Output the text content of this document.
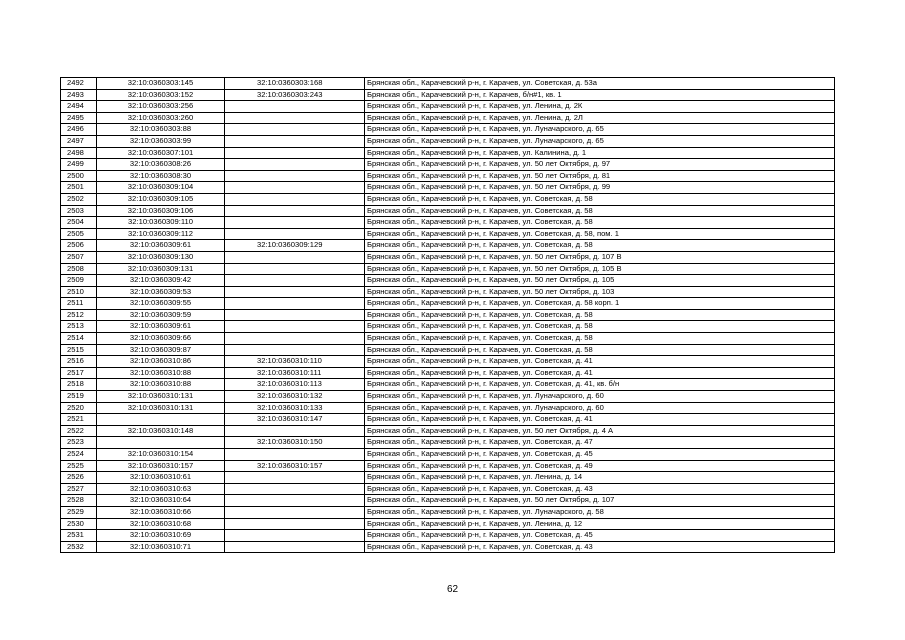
2492	32:10:0360303:145	32:10:0360303:168	Брянская обл., Карачевский р-н, г. Карачев, ул. Советская, д. 53а
2493	32:10:0360303:152	32:10:0360303:243	Брянская обл., Карачевский р-н, г. Карачев, б/н#1, кв. 1
2494	32:10:0360303:256		Брянская обл., Карачевский р-н, г. Карачев, ул. Ленина, д. 2К
2495	32:10:0360303:260		Брянская обл., Карачевский р-н, г. Карачев, ул. Ленина, д. 2Л
2496	32:10:0360303:88		Брянская обл., Карачевский р-н, г. Карачев, ул. Луначарского, д. 65
2497	32:10:0360303:99		Брянская обл., Карачевский р-н, г. Карачев, ул. Луначарского, д. 65
2498	32:10:0360307:101		Брянская обл., Карачевский р-н, г. Карачев, ул. Калинина, д. 1
2499	32:10:0360308:26		Брянская обл., Карачевский р-н, г. Карачев, ул. 50 лет Октября, д. 97
2500	32:10:0360308:30		Брянская обл., Карачевский р-н, г. Карачев, ул. 50 лет Октября, д. 81
2501	32:10:0360309:104		Брянская обл., Карачевский р-н, г. Карачев, ул. 50 лет Октября, д. 99
2502	32:10:0360309:105		Брянская обл., Карачевский р-н, г. Карачев, ул. Советская, д. 58
2503	32:10:0360309:106		Брянская обл., Карачевский р-н, г. Карачев, ул. Советская, д. 58
2504	32:10:0360309:110		Брянская обл., Карачевский р-н, г. Карачев, ул. Советская, д. 58
2505	32:10:0360309:112		Брянская обл., Карачевский р-н, г. Карачев, ул. Советская, д. 58, пом. 1
2506	32:10:0360309:61	32:10:0360309:129	Брянская обл., Карачевский р-н, г. Карачев, ул. Советская, д. 58
2507	32:10:0360309:130		Брянская обл., Карачевский р-н, г. Карачев, ул. 50 лет Октября, д. 107 В
2508	32:10:0360309:131		Брянская обл., Карачевский р-н, г. Карачев, ул. 50 лет Октября, д. 105 В
2509	32:10:0360309:42		Брянская обл., Карачевский р-н, г. Карачев, ул. 50 лет Октября, д. 105
2510	32:10:0360309:53		Брянская обл., Карачевский р-н, г. Карачев, ул. 50 лет Октября, д. 103
2511	32:10:0360309:55		Брянская обл., Карачевский р-н, г. Карачев, ул. Советская, д. 58 корп. 1
2512	32:10:0360309:59		Брянская обл., Карачевский р-н, г. Карачев, ул. Советская, д. 58
2513	32:10:0360309:61		Брянская обл., Карачевский р-н, г. Карачев, ул. Советская, д. 58
2514	32:10:0360309:66		Брянская обл., Карачевский р-н, г. Карачев, ул. Советская, д. 58
2515	32:10:0360309:87		Брянская обл., Карачевский р-н, г. Карачев, ул. Советская, д. 58
2516	32:10:0360310:86	32:10:0360310:110	Брянская обл., Карачевский р-н, г. Карачев, ул. Советская, д. 41
2517	32:10:0360310:88	32:10:0360310:111	Брянская обл., Карачевский р-н, г. Карачев, ул. Советская, д. 41
2518	32:10:0360310:88	32:10:0360310:113	Брянская обл., Карачевский р-н, г. Карачев, ул. Советская, д. 41, кв. б/н
2519	32:10:0360310:131	32:10:0360310:132	Брянская обл., Карачевский р-н, г. Карачев, ул. Луначарского, д. 60
2520	32:10:0360310:131	32:10:0360310:133	Брянская обл., Карачевский р-н, г. Карачев, ул. Луначарского, д. 60
2521		32:10:0360310:147	Брянская обл., Карачевский р-н, г. Карачев, ул. Советская, д. 41
2522	32:10:0360310:148		Брянская обл., Карачевский р-н, г. Карачев, ул. 50 лет Октября, д. 4 А
2523		32:10:0360310:150	Брянская обл., Карачевский р-н, г. Карачев, ул. Советская, д. 47
2524	32:10:0360310:154		Брянская обл., Карачевский р-н, г. Карачев, ул. Советская, д. 45
2525	32:10:0360310:157	32:10:0360310:157	Брянская обл., Карачевский р-н, г. Карачев, ул. Советская, д. 49
2526	32:10:0360310:61		Брянская обл., Карачевский р-н, г. Карачев, ул. Ленина, д. 14
2527	32:10:0360310:63		Брянская обл., Карачевский р-н, г. Карачев, ул. Советская, д. 43
2528	32:10:0360310:64		Брянская обл., Карачевский р-н, г. Карачев, ул. 50 лет Октября, д. 107
2529	32:10:0360310:66		Брянская обл., Карачевский р-н, г. Карачев, ул. Луначарского, д. 58
2530	32:10:0360310:68		Брянская обл., Карачевский р-н, г. Карачев, ул. Ленина, д. 12
2531	32:10:0360310:69		Брянская обл., Карачевский р-н, г. Карачев, ул. Советская, д. 45
2532	32:10:0360310:71		Брянская обл., Карачевский р-н, г. Карачев, ул. Советская, д. 43
62
